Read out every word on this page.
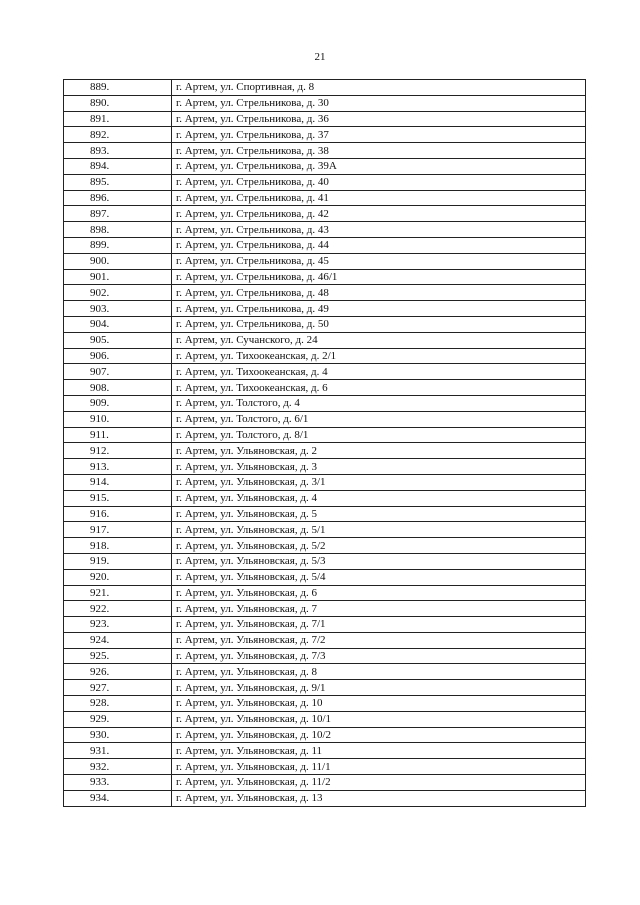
21
889.	г. Артем, ул. Спортивная, д. 8
890.	г. Артем, ул. Стрельникова, д. 30
891.	г. Артем, ул. Стрельникова, д. 36
892.	г. Артем, ул. Стрельникова, д. 37
893.	г. Артем, ул. Стрельникова, д. 38
894.	г. Артем, ул. Стрельникова, д. 39А
895.	г. Артем, ул. Стрельникова, д. 40
896.	г. Артем, ул. Стрельникова, д. 41
897.	г. Артем, ул. Стрельникова, д. 42
898.	г. Артем, ул. Стрельникова, д. 43
899.	г. Артем, ул. Стрельникова, д. 44
900.	г. Артем, ул. Стрельникова, д. 45
901.	г. Артем, ул. Стрельникова, д. 46/1
902.	г. Артем, ул. Стрельникова, д. 48
903.	г. Артем, ул. Стрельникова, д. 49
904.	г. Артем, ул. Стрельникова, д. 50
905.	г. Артем, ул. Сучанского, д. 24
906.	г. Артем, ул. Тихоокеанская, д. 2/1
907.	г. Артем, ул. Тихоокеанская, д. 4
908.	г. Артем, ул. Тихоокеанская, д. 6
909.	г. Артем, ул. Толстого, д. 4
910.	г. Артем, ул. Толстого, д. 6/1
911.	г. Артем, ул. Толстого, д. 8/1
912.	г. Артем, ул. Ульяновская, д. 2
913.	г. Артем, ул. Ульяновская, д. 3
914.	г. Артем, ул. Ульяновская, д. 3/1
915.	г. Артем, ул. Ульяновская, д. 4
916.	г. Артем, ул. Ульяновская, д. 5
917.	г. Артем, ул. Ульяновская, д. 5/1
918.	г. Артем, ул. Ульяновская, д. 5/2
919.	г. Артем, ул. Ульяновская, д. 5/3
920.	г. Артем, ул. Ульяновская, д. 5/4
921.	г. Артем, ул. Ульяновская, д. 6
922.	г. Артем, ул. Ульяновская, д. 7
923.	г. Артем, ул. Ульяновская, д. 7/1
924.	г. Артем, ул. Ульяновская, д. 7/2
925.	г. Артем, ул. Ульяновская, д. 7/3
926.	г. Артем, ул. Ульяновская, д. 8
927.	г. Артем, ул. Ульяновская, д. 9/1
928.	г. Артем, ул. Ульяновская, д. 10
929.	г. Артем, ул. Ульяновская, д. 10/1
930.	г. Артем, ул. Ульяновская, д. 10/2
931.	г. Артем, ул. Ульяновская, д. 11
932.	г. Артем, ул. Ульяновская, д. 11/1
933.	г. Артем, ул. Ульяновская, д. 11/2
934.	г. Артем, ул. Ульяновская, д. 13
